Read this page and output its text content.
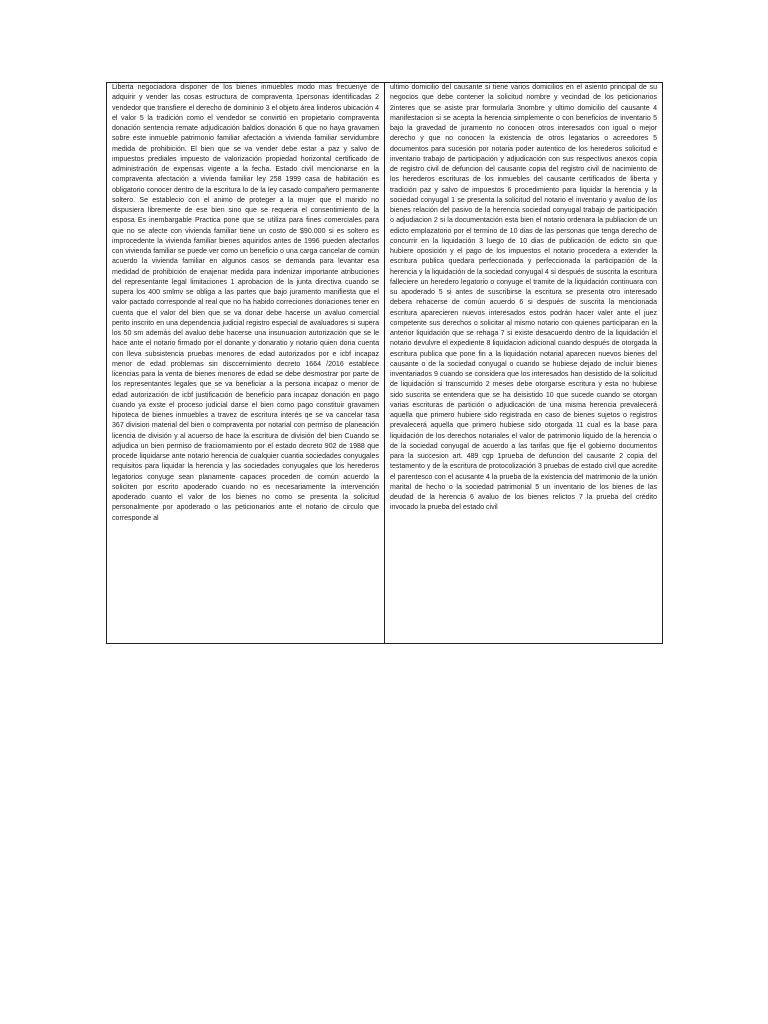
Liberta negociadora disponer de los bienes inmuebles modo mas frecuenye de adquirir y vender las cosas estructura de compraventa 1personas identificadas 2 vendedor que transfiere el derecho de domininio 3 el objeto área linderos ubicación 4 el valor 5 la tradición como el vendedor se convirtió en propietario compraventa donación sentencia remate adjudicación baldios donación 6 que no haya gravamen sobre este inmueble patrimonio familiar afectación a vivienda familiar servidumbre medida de prohibición. El bien que se va vender debe estar a paz y salvo de impuestos prediales impuesto de valorización propiedad horizontal certificado de administración de expensas vigente a la fecha. Estado civil mencionarse en la compraventa afectación a vivienda familiar ley 258 1999 casa de habitación es obligatorio conocer dentro de la escritura lo de la ley casado compañero permanente soltero. Se establecio con el animo de proteger a la mujer que el marido no dispusiera libremente de ese bien sino que se requeria el consentimiento de la esposa Es inembargable Practica pone que se utiliza para fines comerciales para que no se afecte con vivienda familiar tiene un costo de $90.000 si es soltero es improcedente la vivienda familiar bienes aquiridos antes de 1996 pueden afectarlos con vivienda familiar se puede ver como un beneficio o una carga cancelar de común acuerdo la vivienda familiar en algunos casos se demanda para levantar esa medidad de prohibición de enajenar medida para indenizar importante atribuciones del representante legal limitaciones 1 aprobacion de la junta directiva cuando se supera los 400 smlmv se obliga a las partes que bajo juramento manifiesta que el valor pactado corresponde al real que no ha habido correciones donaciones tener en cuenta que el valor del bien que se va donar debe hacerse un avaluo comercial perito inscrito en una dependencia judicial registro especial de avaluadores si supera los 50 sm además del avaluo debe hacerse una insunuacion autorización que se le hace ante el notario firmado por el donante y donaratio y notario quien dona cuenta con lleva subsistencia pruebas menores de edad autorizados por e icbf incapaz menor de edad problemas sin disccernimiento decreto 1664 /2016 establece licencias para la venta de bienes menores de edad se debe desmostrar por parte de los representantes legales que se va beneficiar a la persona incapaz o menor de edad autorización de icbf justificación de beneficio para incapaz donación en pago cuando ya exste el proceso judicial darse el bien como pago constituir gravamen hipoteca de bienes inmuebles a travez de escritura interés qe se va cancelar tasa 367 division material del bien o compraventa por notarial con permiso de planeación licencia de división y al acuerso de hace la escritura de división del bien Cuando se adjudica un bien permiso de fraciomamiento por el estado decreto 902 de 1988 que procede liquidarse ante notario herencia de cualquier cuantia sociedades conyugales requisitos para liquidar la herencia y las sociedades conyugales que los herederos legatorios conyuge sean planamente capaces proceden de común acuerdo la soliciten por escrito apoderado cuando no es necesariamente la intervención apoderado cuanto el valor de los bienes no como se presenta la solicitud personalmente por apoderado o las peticionarios ante el notario de circulo que corresponde al

ultimo domicilio del causante si tiene varios domicilios en el asiento principal de su negocios que debe contener la solicitud nombre y vecindad de los peticionarios 2interes que se asiste prar formularla 3nombre y ultimo domicilio del causante 4 manifestacion si se acepta la herencia simplemente o con beneficios de inventario 5 bajo la gravedad de juramento no conocen otros interesados con igual o mejor derecho y que no conocen la existencia de otros legatarios o acreedores 5 documentos para sucesión por notaria poder autentico de los herederos solicitud e inventario trabajo de participación y adjudicación con sus respectivos anexos copia de registro civil de defuncion del causante copia del registro civil de nacimiento de los herederos escrituras de los inmuebles del causante certificados de liberta y tradición paz y salvo de impuestos 6 procedimiento para liquidar la herencia y la sociedad conyugal 1 se presenta la solicitud del notario el inventario y avaluo de los bienes relación del pasivo de la herencia sociedad conyugal trabajo de participación o adjudiacion 2 si la documentación esta bien el notario ordenara la publiacion de un edicto emplazatorio por el termino de 10 dias de las personas que tenga derecho de concurrir en la liquidación 3 luego de 10 dias de publicación de edicto sin que hubiere oposición y el pago de los impuestos el notario procedera a extender la escritura publica quedara perfeccionada y perfeccionada la participación de la herencia y la liquidación de la sociedad conyugal 4 si después de suscrita la escritura falleciere un heredero legatorio o conyuge el tramite de la liquidación continuara con su apoderado 5 si antes de suscribirse la escritura se presenta otro interesado debera rehacerse de común acuerdo 6 si después de suscrita la mencionada escritura aparecieren nuevos interesados estos podrán hacer valer ante el juez competente sus derechos o solicitar al mismo notario con quienes participaran en la anterior liquidación que se rehaga 7 si existe desacuerdo dentro de la liquidación el notario devulvre el expediente 8 liquidacion adicional cuando después de otorgada la escritura publica que pone fin a la liquidación notarial aparecen nuevos bienes del causante o de la sociedad conyugal o cuando se hubiese dejado de incluir bienes inventariados 9 cuando se considera que los interesados han desistido de la solicitud de liquidación si transcurrido 2 meses debe otorgarse escritura y esta no hubiese sido suscrita se entendera que se ha deisistido 10 que sucede cuando se otorgan varias escrituras de partición o adjudicación de una misma herencia prevalecerá aquella que primero hubiere sido registrada en caso de bienes sujetos o registros prevalecerá aquella que primero hubiese sido otorgada 11 cual es la base para liquidación de los derechos notariales el valor de patrimonio liquido de la herencia o de la sociedad conyugal de acuerdo a las tarifas que fije el gobierno documentos para la succesion art. 489 cgp 1prueba de defuncion del causante 2 copia del testamento y de la escritura de protocolización 3 pruebas de estado civil que acredite el parentesco con el acusante 4 la prueba de la existencia del matrimonio de la unión marital de hecho o la sociedad patrimonial 5 un inventario de los bienes de las deudad de la herencia 6 avaluo de los bienes relictos 7 la prueba del crédito invocado la prueba del estado civil
